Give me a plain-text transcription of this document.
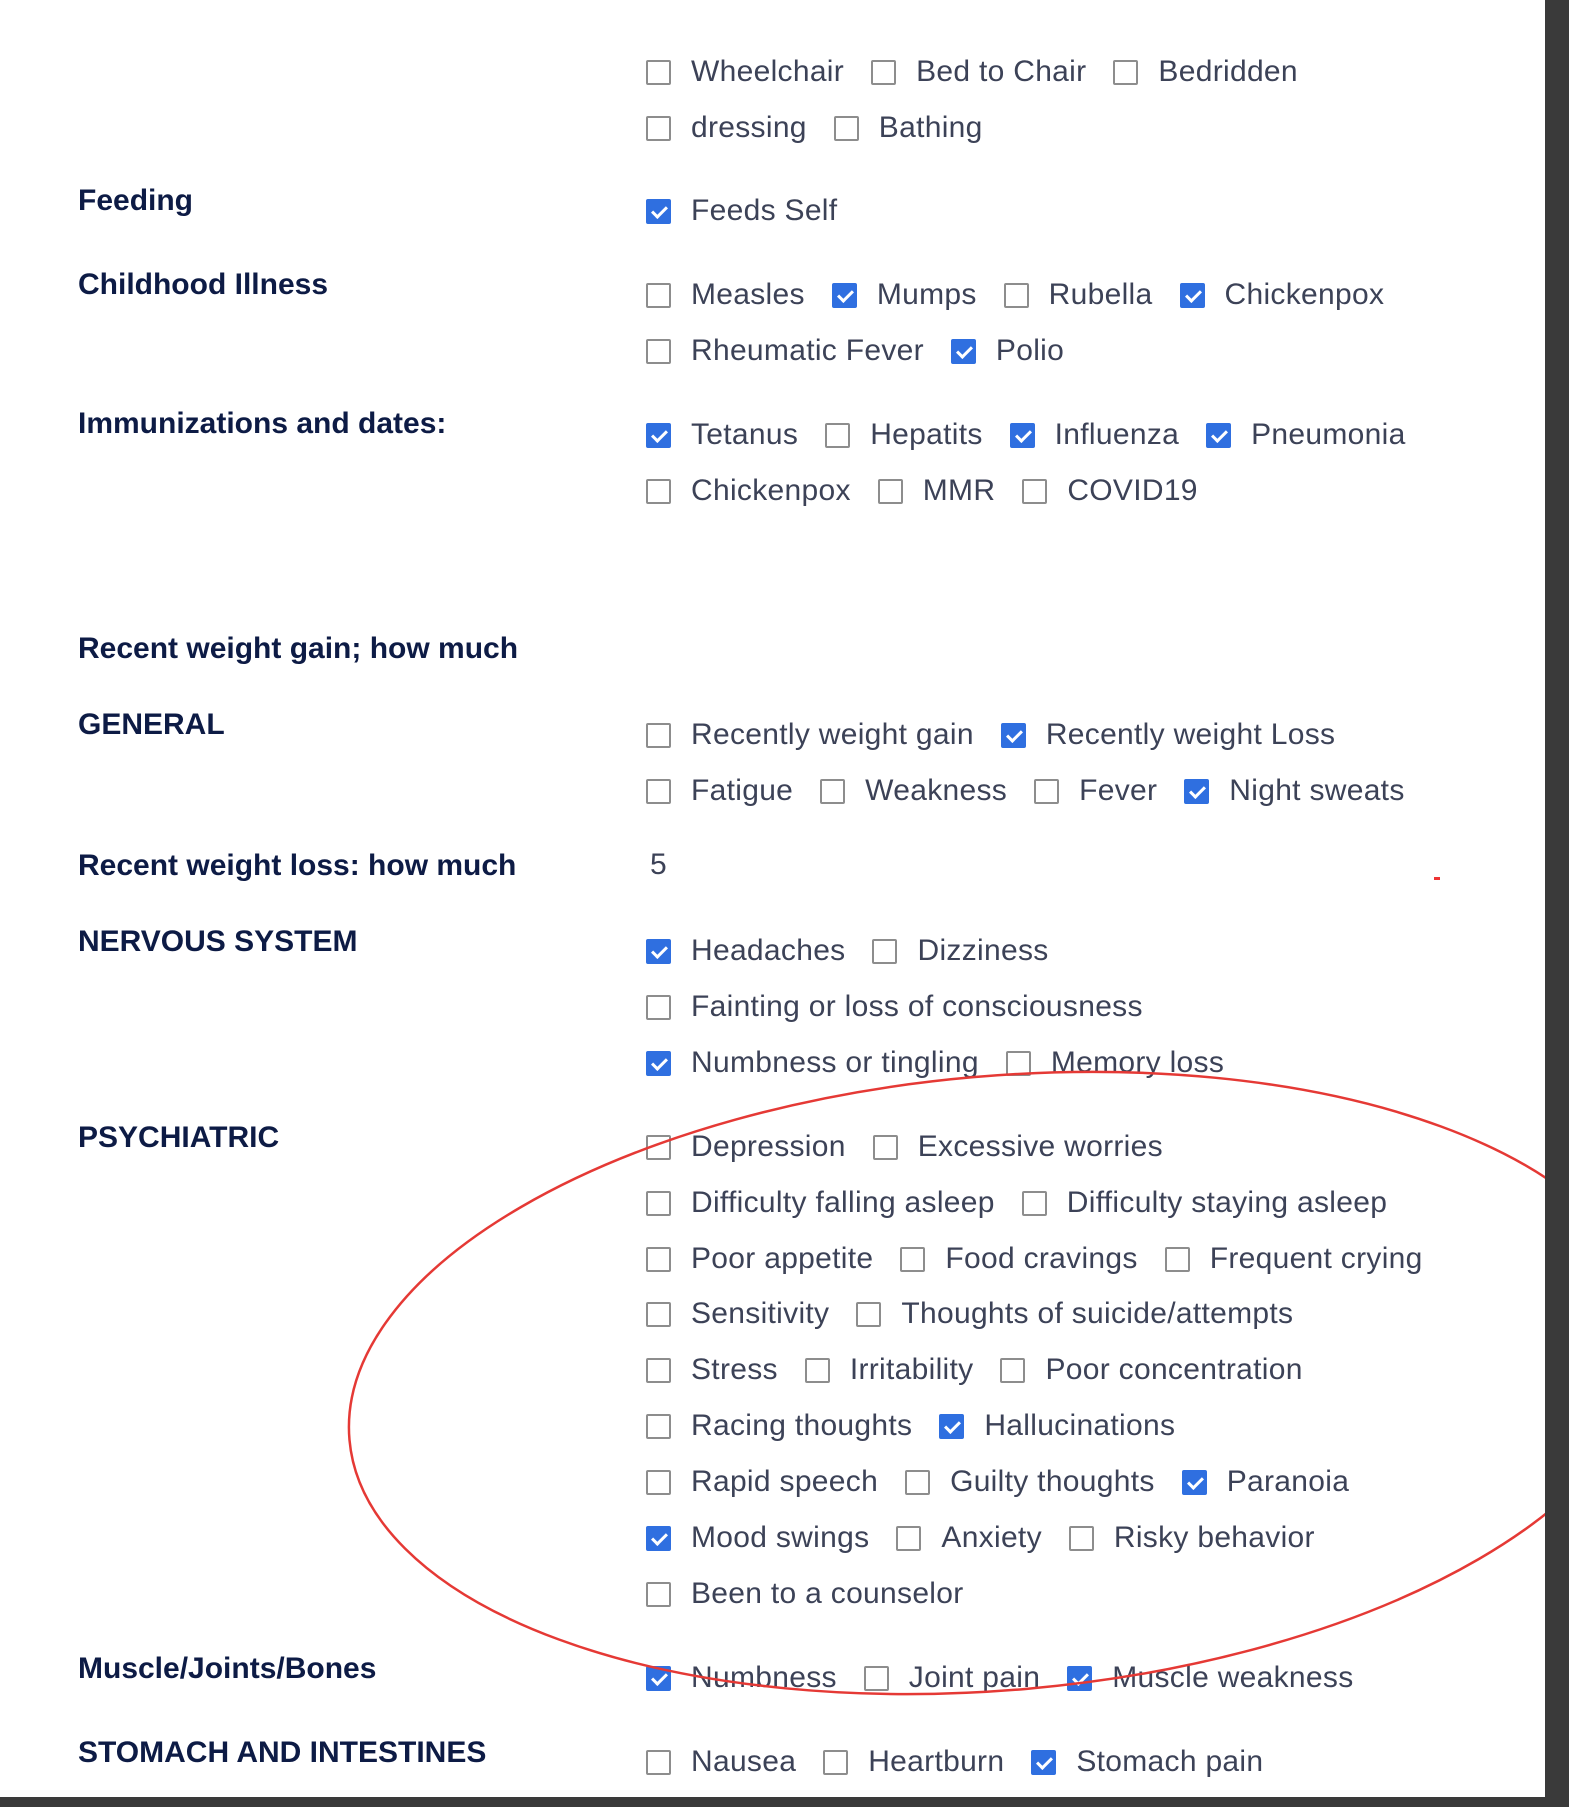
Feeding
Childhood Illness
Immunizations and dates:
Recent weight gain; how much
GENERAL
Recent weight loss: how much
NERVOUS SYSTEM
PSYCHIATRIC
Muscle/Joints/Bones
STOMACH AND INTESTINES
5
Wheelchair Bed to Chair Bedridden
dressing Bathing
Feeds Self
Measles Mumps Rubella Chickenpox
Rheumatic Fever Polio
Tetanus Hepatits Influenza Pneumonia
Chickenpox MMR COVID19
Recently weight gain Recently weight Loss
Fatigue Weakness Fever Night sweats
Headaches Dizziness
Fainting or loss of consciousness
Numbness or tingling Memory loss
Depression Excessive worries
Difficulty falling asleep Difficulty staying asleep
Poor appetite Food cravings Frequent crying
Sensitivity Thoughts of suicide/attempts
Stress Irritability Poor concentration
Racing thoughts Hallucinations
Rapid speech Guilty thoughts Paranoia
Mood swings Anxiety Risky behavior
Been to a counselor
Numbness Joint pain Muscle weakness
Nausea Heartburn Stomach pain
